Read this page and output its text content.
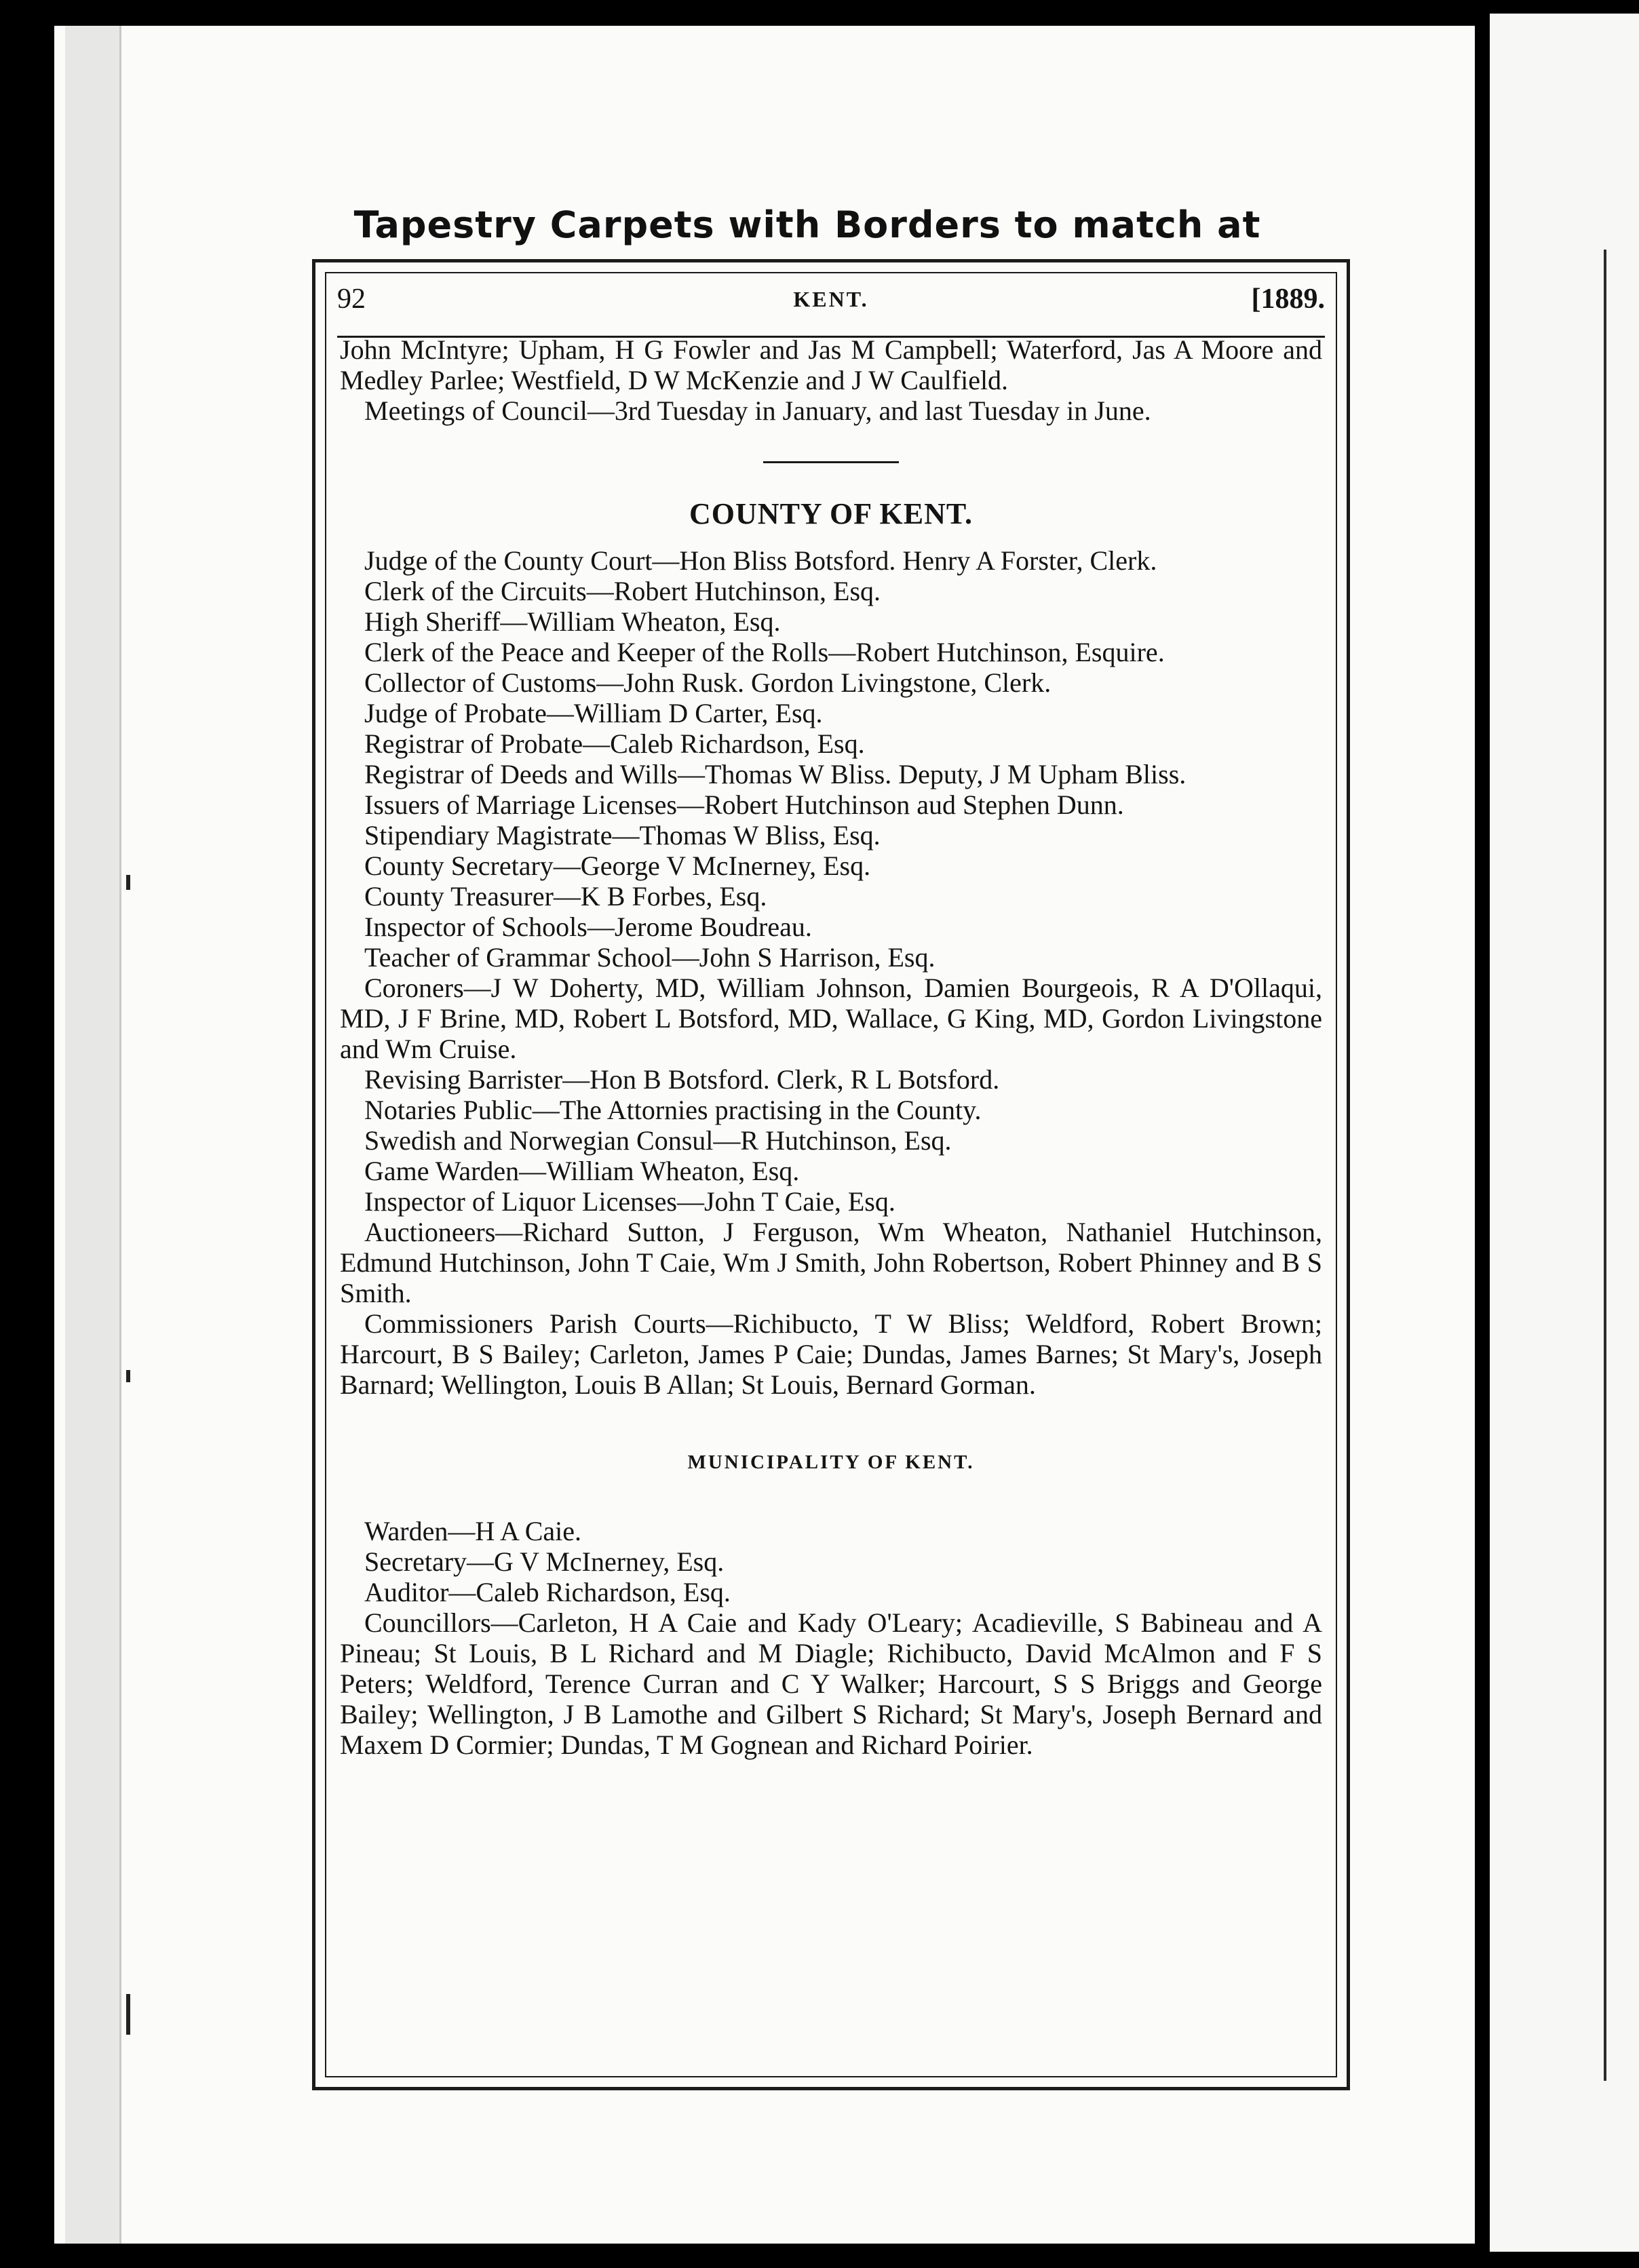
Tapestry Carpets with Borders to match at
92	KENT.	[1889.

John McIntyre; Upham, H G Fowler and Jas M Campbell; Waterford, Jas A Moore and Medley Parlee; Westfield, D W McKenzie and J W Caulfield.

Meetings of Council—3rd Tuesday in January, and last Tuesday in June.

COUNTY OF KENT.

Judge of the County Court—Hon Bliss Botsford. Henry A Forster, Clerk.

Clerk of the Circuits—Robert Hutchinson, Esq.

High Sheriff—William Wheaton, Esq.

Clerk of the Peace and Keeper of the Rolls—Robert Hutchinson, Esquire.

Collector of Customs—John Rusk. Gordon Livingstone, Clerk.

Judge of Probate—William D Carter, Esq.

Registrar of Probate—Caleb Richardson, Esq.

Registrar of Deeds and Wills—Thomas W Bliss. Deputy, J M Upham Bliss.

Issuers of Marriage Licenses—Robert Hutchinson aud Stephen Dunn.

Stipendiary Magistrate—Thomas W Bliss, Esq.

County Secretary—George V McInerney, Esq.

County Treasurer—K B Forbes, Esq.

Inspector of Schools—Jerome Boudreau.

Teacher of Grammar School—John S Harrison, Esq.

Coroners—J W Doherty, MD, William Johnson, Damien Bourgeois, R A D'Ollaqui, MD, J F Brine, MD, Robert L Botsford, MD, Wallace, G King, MD, Gordon Livingstone and Wm Cruise.

Revising Barrister—Hon B Botsford. Clerk, R L Botsford.

Notaries Public—The Attornies practising in the County.

Swedish and Norwegian Consul—R Hutchinson, Esq.

Game Warden—William Wheaton, Esq.

Inspector of Liquor Licenses—John T Caie, Esq.

Auctioneers—Richard Sutton, J Ferguson, Wm Wheaton, Nathaniel Hutchinson, Edmund Hutchinson, John T Caie, Wm J Smith, John Robertson, Robert Phinney and B S Smith.

Commissioners Parish Courts—Richibucto, T W Bliss; Weldford, Robert Brown; Harcourt, B S Bailey; Carleton, James P Caie; Dundas, James Barnes; St Mary's, Joseph Barnard; Wellington, Louis B Allan; St Louis, Bernard Gorman.

MUNICIPALITY OF KENT.

Warden—H A Caie.

Secretary—G V McInerney, Esq.

Auditor—Caleb Richardson, Esq.

Councillors—Carleton, H A Caie and Kady O'Leary; Acadieville, S Babineau and A Pineau; St Louis, B L Richard and M Diagle; Richibucto, David McAlmon and F S Peters; Weldford, Terence Curran and C Y Walker; Harcourt, S S Briggs and George Bailey; Wellington, J B Lamothe and Gilbert S Richard; St Mary's, Joseph Bernard and Maxem D Cormier; Dundas, T M Gognean and Richard Poirier.
